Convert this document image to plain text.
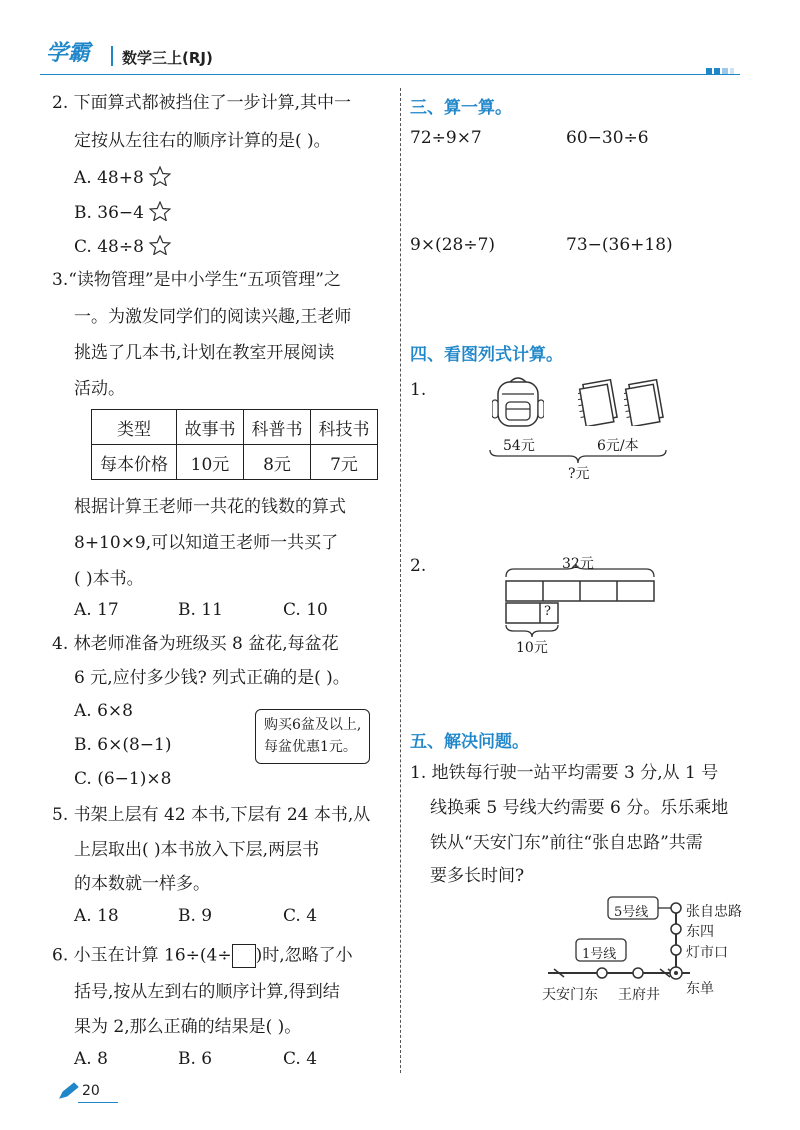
学霸 数学三上(RJ)
2. 下面算式都被挡住了一步计算,其中一
定按从左往右的顺序计算的是( )。
A. 48+8
B. 36−4
C. 48÷8
3.“读物管理”是中小学生“五项管理”之
一。为激发同学们的阅读兴趣,王老师
挑选了几本书,计划在教室开展阅读
活动。
类型	故事书	科普书	科技书
每本价格	10元	8元	7元
根据计算王老师一共花的钱数的算式
8+10×9,可以知道王老师一共买了
( )本书。
A. 17	B. 11	C. 10
4. 林老师准备为班级买 8 盆花,每盆花
6 元,应付多少钱? 列式正确的是( )。
A. 6×8
B. 6×(8−1)
C. (6−1)×8
购买6盆及以上,
每盆优惠1元。
5. 书架上层有 42 本书,下层有 24 本书,从
上层取出( )本书放入下层,两层书
的本数就一样多。
A. 18	B. 9	C. 4
6. 小玉在计算 16÷(4÷ )时,忽略了小
括号,按从左到右的顺序计算,得到结
果为 2,那么正确的结果是( )。
A. 8	B. 6	C. 4
三、算一算。
72÷9×7	60−30÷6
9×(28÷7)	73−(36+18)
四、看图列式计算。
1.
54元	6元/本
?元
2.	32元
?
10元
五、解决问题。
1. 地铁每行驶一站平均需要 3 分,从 1 号
线换乘 5 号线大约需要 6 分。乐乐乘地
铁从“天安门东”前往“张自忠路”共需
要多长时间?
5号线
1号线
张自忠路
东四
灯市口
天安门东 王府井 东单
20
